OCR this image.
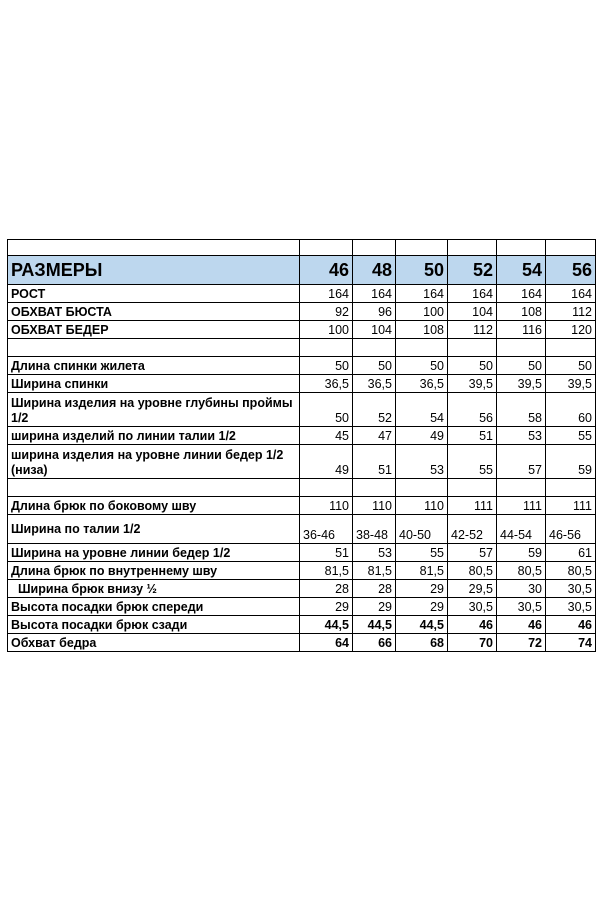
РАЗМЕРЫ	46	48	50	52	54	56
РОСТ	164	164	164	164	164	164
ОБХВАТ БЮСТА	92	96	100	104	108	112
ОБХВАТ БЕДЕР	100	104	108	112	116	120

Длина спинки жилета	50	50	50	50	50	50
Ширина спинки	36,5	36,5	36,5	39,5	39,5	39,5
Ширина изделия на уровне глубины проймы 1/2	50	52	54	56	58	60
ширина изделий по линии талии 1/2	45	47	49	51	53	55
ширина изделия на уровне линии бедер 1/2 (низа)	49	51	53	55	57	59

Длина брюк по боковому шву	110	110	110	111	111	111
Ширина по талии 1/2	36-46	38-48	40-50	42-52	44-54	46-56
Ширина на уровне линии бедер 1/2	51	53	55	57	59	61
Длина брюк по внутреннему шву	81,5	81,5	81,5	80,5	80,5	80,5
Ширина брюк внизу ½	28	28	29	29,5	30	30,5
Высота посадки брюк спереди	29	29	29	30,5	30,5	30,5
Высота посадки брюк сзади	44,5	44,5	44,5	46	46	46
Обхват бедра	64	66	68	70	72	74
